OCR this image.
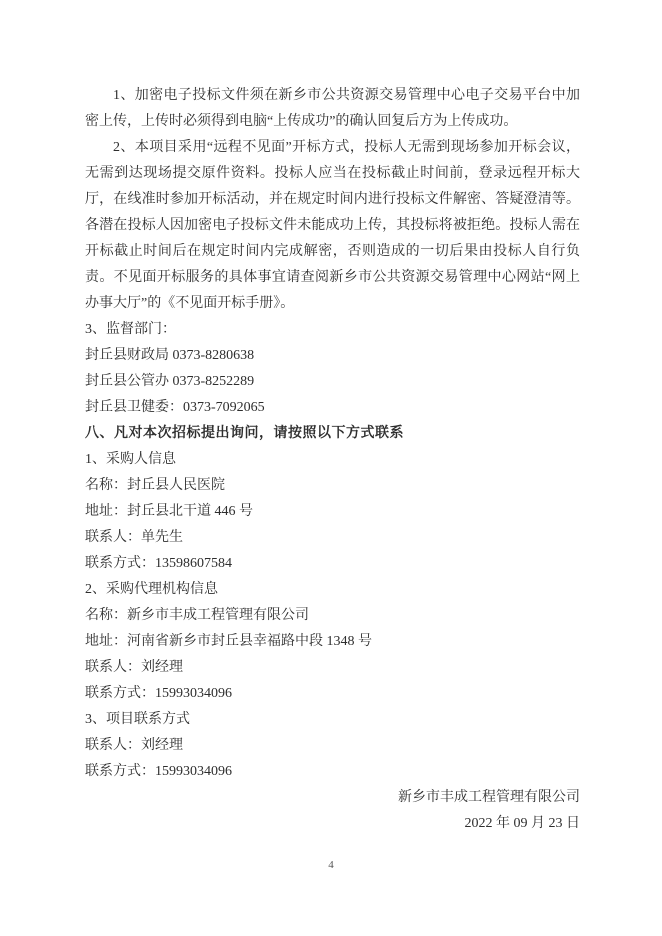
1、加密电子投标文件须在新乡市公共资源交易管理中心电子交易平台中加密上传，上传时必须得到电脑“上传成功”的确认回复后方为上传成功。

2、本项目采用“远程不见面”开标方式，投标人无需到现场参加开标会议，无需到达现场提交原件资料。投标人应当在投标截止时间前，登录远程开标大厅，在线准时参加开标活动，并在规定时间内进行投标文件解密、答疑澄清等。各潜在投标人因加密电子投标文件未能成功上传，其投标将被拒绝。投标人需在开标截止时间后在规定时间内完成解密，否则造成的一切后果由投标人自行负责。不见面开标服务的具体事宜请查阅新乡市公共资源交易管理中心网站“网上办事大厅”的《不见面开标手册》。

3、监督部门：

封丘县财政局 0373-8280638

封丘县公管办 0373-8252289

封丘县卫健委：0373-7092065

八、凡对本次招标提出询问，请按照以下方式联系

1、采购人信息

名称：封丘县人民医院

地址：封丘县北干道 446 号

联系人：单先生

联系方式：13598607584

2、采购代理机构信息

名称：新乡市丰成工程管理有限公司

地址：河南省新乡市封丘县幸福路中段 1348 号

联系人：刘经理

联系方式：15993034096

3、项目联系方式

联系人：刘经理

联系方式：15993034096

新乡市丰成工程管理有限公司

2022 年 09 月 23 日

4
